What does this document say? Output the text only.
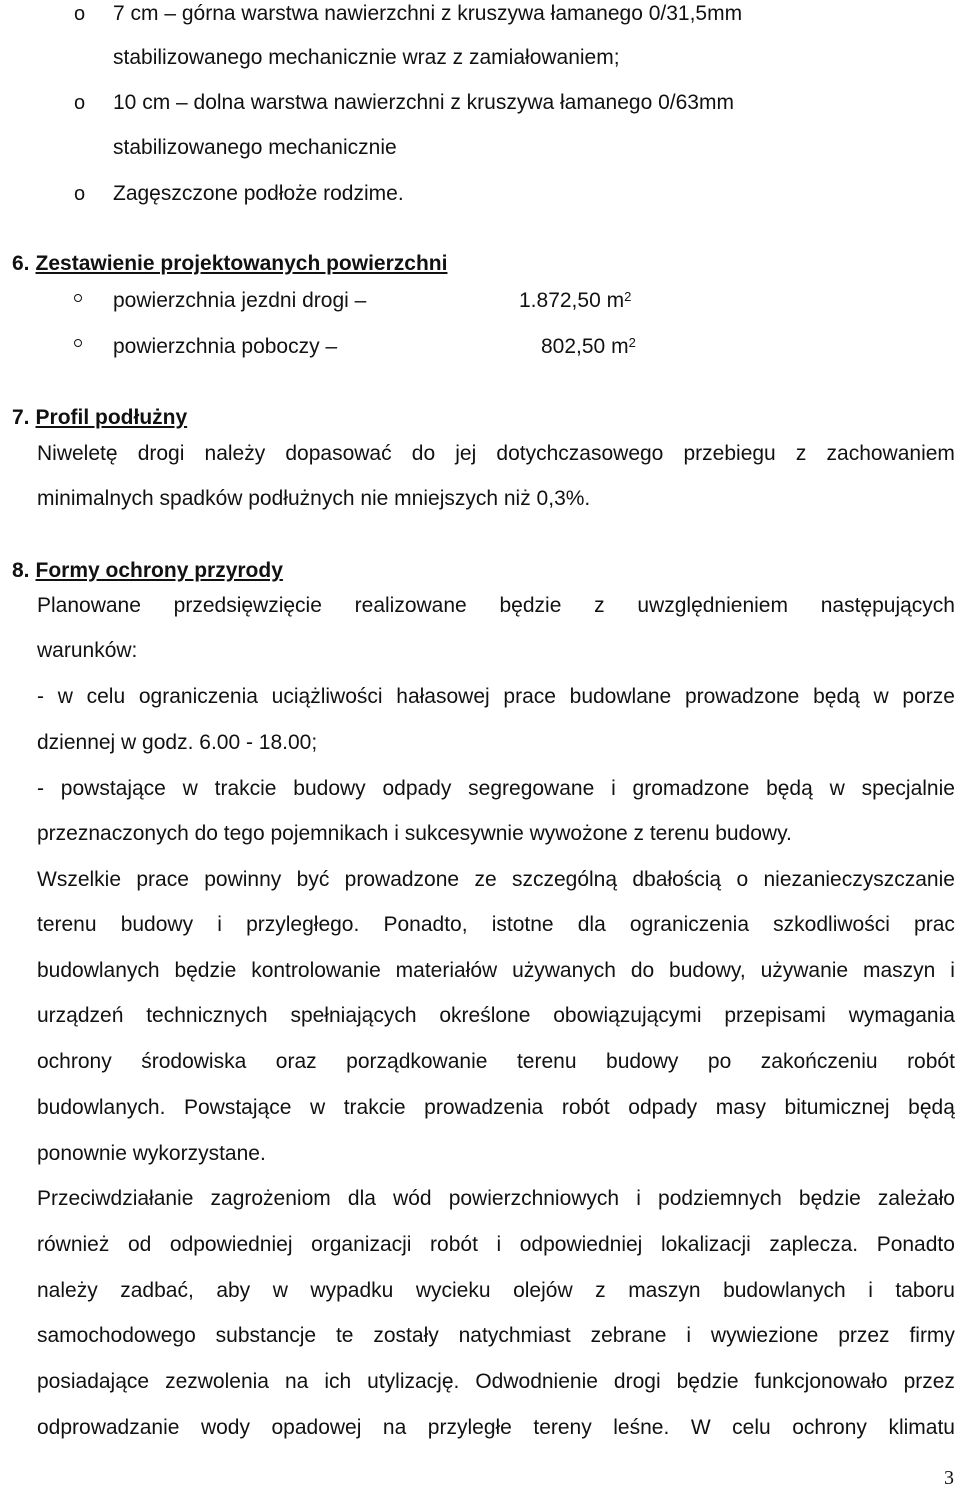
o 7 cm – górna warstwa nawierzchni z kruszywa łamanego 0/31,5mm
stabilizowanego mechanicznie wraz z zamiałowaniem;
o 10 cm – dolna warstwa nawierzchni z kruszywa łamanego 0/63mm
stabilizowanego mechanicznie
o Zagęszczone podłoże rodzime.
6. Zestawienie projektowanych powierzchni
powierzchnia jezdni drogi –	1.872,50 $m^2$
powierzchnia poboczy –	802,50 $m^2$
7. Profil podłużny
Niweletę drogi należy dopasować do jej dotychczasowego przebiegu z zachowaniem
minimalnych spadków podłużnych nie mniejszych niż 0,3%.
8. Formy ochrony przyrody
Planowane przedsięwzięcie realizowane będzie z uwzględnieniem następujących
warunków:
- w celu ograniczenia uciążliwości hałasowej prace budowlane prowadzone będą w porze
dziennej w godz. 6.00 - 18.00;
- powstające w trakcie budowy odpady segregowane i gromadzone będą w specjalnie
przeznaczonych do tego pojemnikach i sukcesywnie wywożone z terenu budowy.
Wszelkie prace powinny być prowadzone ze szczególną dbałością o niezanieczyszczanie
terenu budowy i przyległego. Ponadto, istotne dla ograniczenia szkodliwości prac
budowlanych będzie kontrolowanie materiałów używanych do budowy, używanie maszyn i
urządzeń technicznych spełniających określone obowiązującymi przepisami wymagania
ochrony środowiska oraz porządkowanie terenu budowy po zakończeniu robót
budowlanych. Powstające w trakcie prowadzenia robót odpady masy bitumicznej będą
ponownie wykorzystane.
Przeciwdziałanie zagrożeniom dla wód powierzchniowych i podziemnych będzie zależało
również od odpowiedniej organizacji robót i odpowiedniej lokalizacji zaplecza. Ponadto
należy zadbać, aby w wypadku wycieku olejów z maszyn budowlanych i taboru
samochodowego substancje te zostały natychmiast zebrane i wywiezione przez firmy
posiadające zezwolenia na ich utylizację. Odwodnienie drogi będzie funkcjonowało przez
odprowadzanie wody opadowej na przyległe tereny leśne. W celu ochrony klimatu
3
